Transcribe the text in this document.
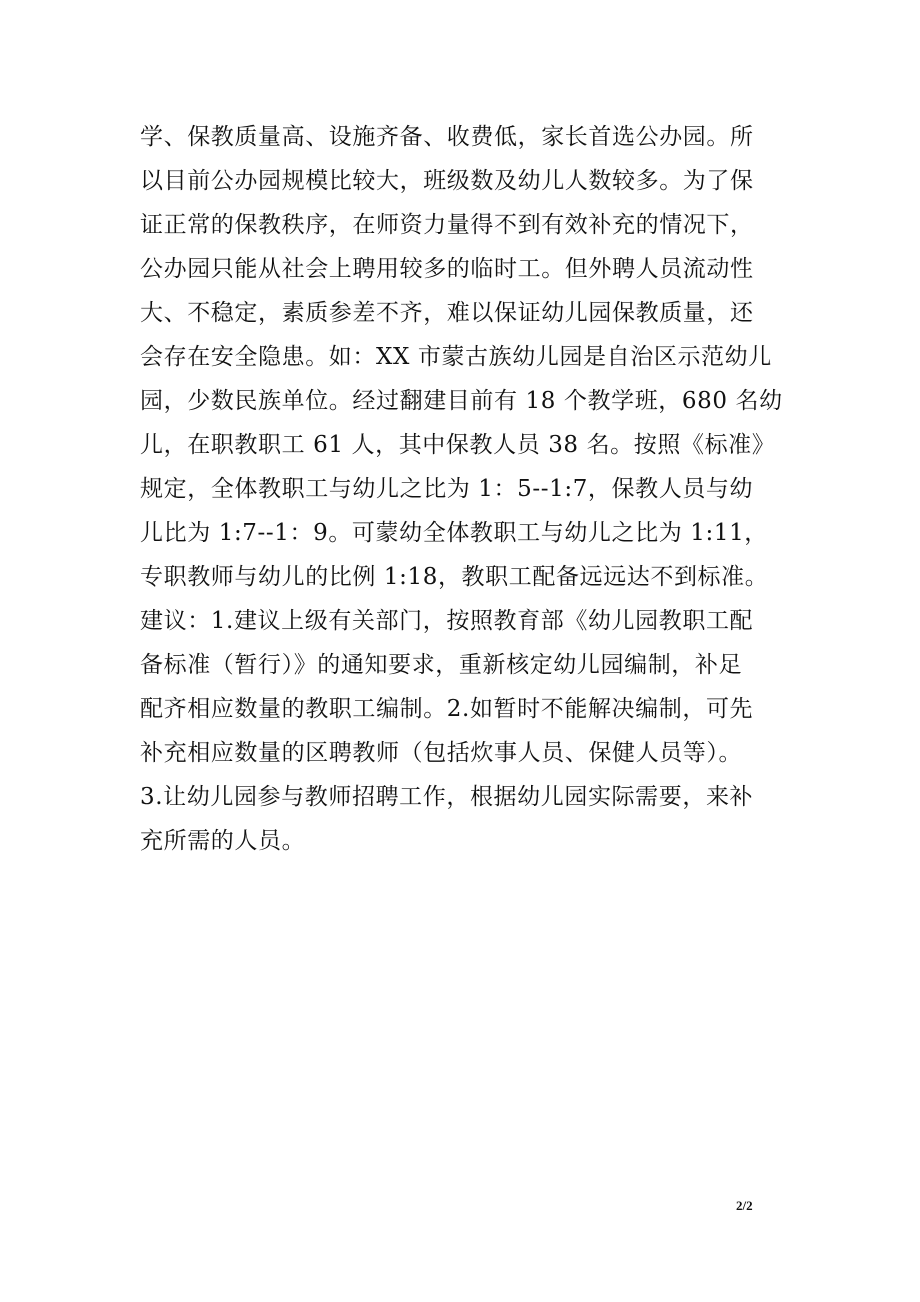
学、保教质量高、设施齐备、收费低，家长首选公办园。所
以目前公办园规模比较大，班级数及幼儿人数较多。为了保
证正常的保教秩序，在师资力量得不到有效补充的情况下，
公办园只能从社会上聘用较多的临时工。但外聘人员流动性
大、不稳定，素质参差不齐，难以保证幼儿园保教质量，还
会存在安全隐患。如：XX 市蒙古族幼儿园是自治区示范幼儿
园，少数民族单位。经过翻建目前有 18 个教学班，680 名幼
儿，在职教职工 61 人，其中保教人员 38 名。按照《标准》
规定，全体教职工与幼儿之比为 1：5--1:7，保教人员与幼
儿比为 1:7--1：9。可蒙幼全体教职工与幼儿之比为 1:11，
专职教师与幼儿的比例 1:18，教职工配备远远达不到标准。
建议：1.建议上级有关部门，按照教育部《幼儿园教职工配
备标准（暂行）》的通知要求，重新核定幼儿园编制，补足
配齐相应数量的教职工编制。2.如暂时不能解决编制，可先
补充相应数量的区聘教师（包括炊事人员、保健人员等）。
3.让幼儿园参与教师招聘工作，根据幼儿园实际需要，来补
充所需的人员。
2/2
